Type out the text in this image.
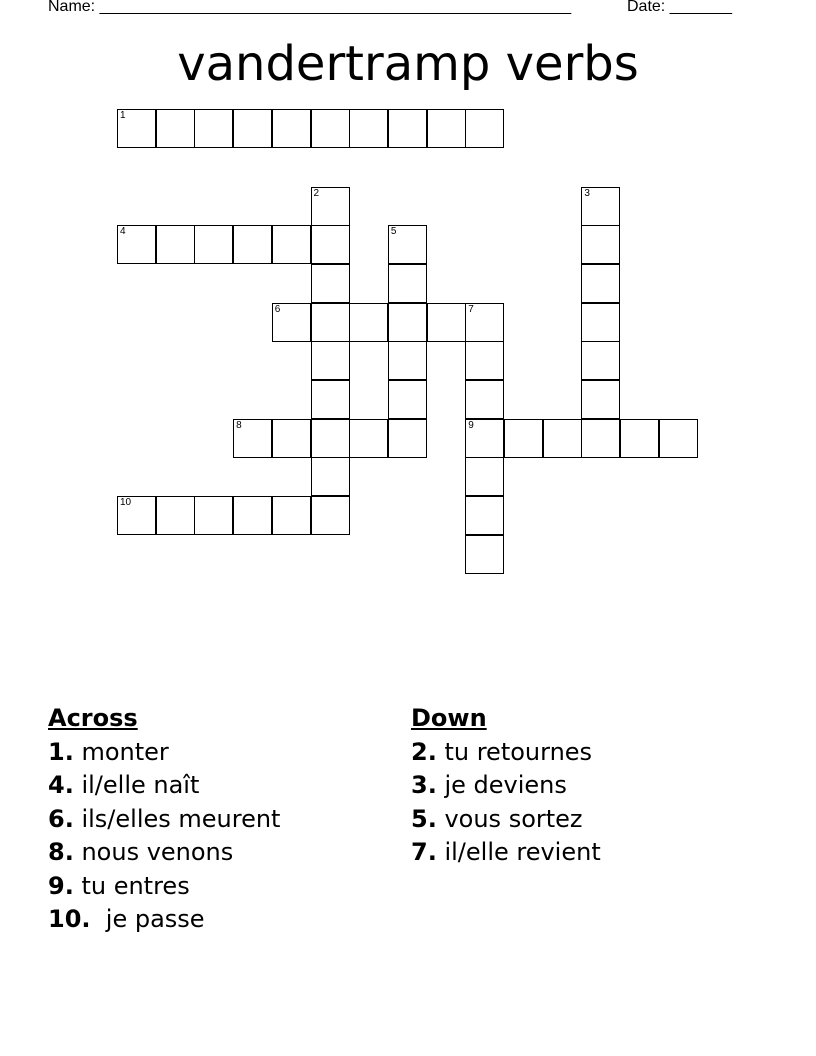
Name: _____________________________________________________	Date: _______
vandertramp verbs
1
2	3
4	5
6	7
8	9
10
Across
1. monter
4. il/elle naît
6. ils/elles meurent
8. nous venons
9. tu entres
10.  je passe
Down
2. tu retournes
3. je deviens
5. vous sortez
7. il/elle revient
